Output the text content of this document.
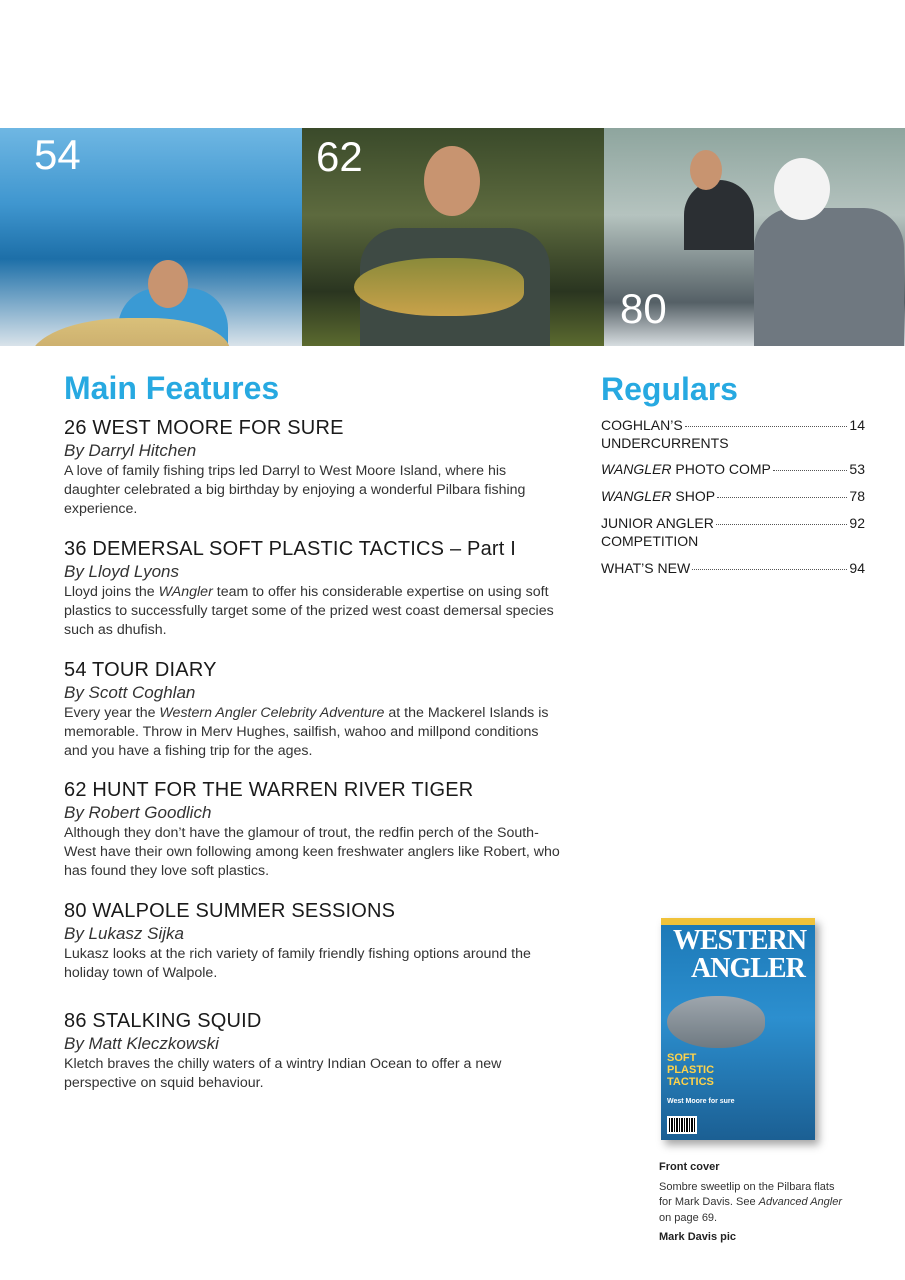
54	62
80
Main Features
26 WEST MOORE FOR SURE
By Darryl Hitchen
A love of family fishing trips led Darryl to West Moore Island, where his daughter celebrated a big birthday by enjoying a wonderful Pilbara fishing experience.
36 DEMERSAL SOFT PLASTIC TACTICS – Part I
By Lloyd Lyons
Lloyd joins the WAngler team to offer his considerable expertise on using soft plastics to successfully target some of the prized west coast demersal species such as dhufish.
54 TOUR DIARY
By Scott Coghlan
Every year the Western Angler Celebrity Adventure at the Mackerel Islands is memorable. Throw in Merv Hughes, sailfish, wahoo and millpond conditions and you have a fishing trip for the ages.
62 HUNT FOR THE WARREN RIVER TIGER
By Robert Goodlich
Although they don’t have the glamour of trout, the redfin perch of the South-West have their own following among keen freshwater anglers like Robert, who has found they love soft plastics.
80 WALPOLE SUMMER SESSIONS
By Lukasz Sijka
Lukasz looks at the rich variety of family friendly fishing options around the holiday town of Walpole.
86 STALKING SQUID
By Matt Kleczkowski
Kletch braves the chilly waters of a wintry Indian Ocean to offer a new perspective on squid behaviour.
Regulars
COGHLAN’S	14
UNDERCURRENTS
WANGLER PHOTO COMP	53
WANGLER SHOP	78
JUNIOR ANGLER	92
COMPETITION
WHAT’S NEW	94
WESTERN
ANGLER
SOFT
PLASTIC
TACTICS
West Moore for sure
Front cover
Sombre sweetlip on the Pilbara flats for Mark Davis. See Advanced Angler on page 69.
Mark Davis pic
